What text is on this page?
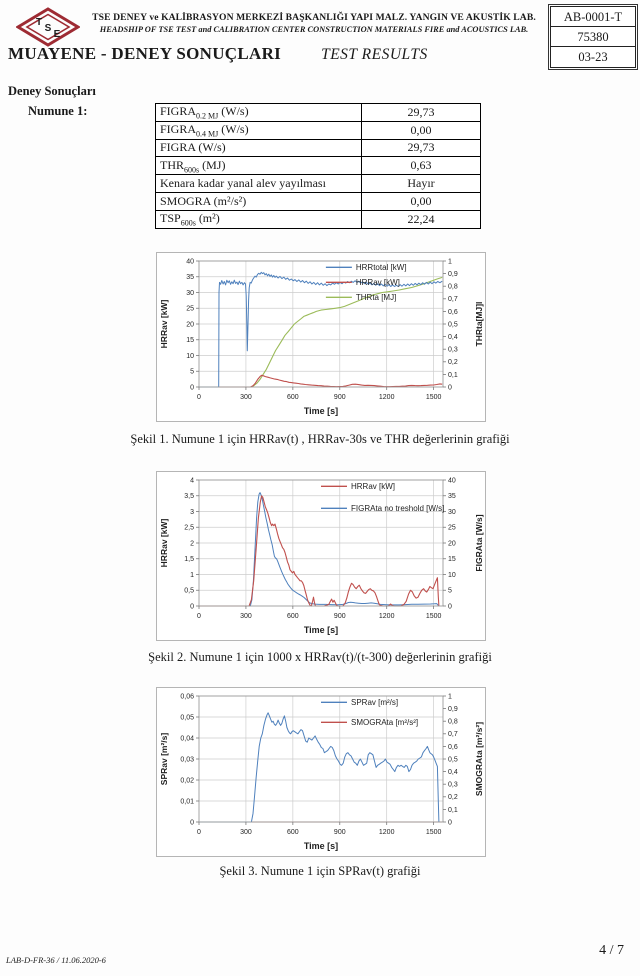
T
S
E
TSE DENEY ve KALİBRASYON MERKEZİ BAŞKANLIĞI YAPI MALZ. YANGIN VE AKUSTİK LAB.
HEADSHIP OF TSE TEST and CALIBRATION CENTER CONSTRUCTION MATERIALS FIRE and ACOUSTICS LAB.
AB-0001-T
75380
03-23
MUAYENE - DENEY SONUÇLARI	TEST RESULTS
Deney Sonuçları
Numune 1:	$FIGRA_{0.2 MJ}$ (W/s)	29,73
$FIGRA_{0.4 MJ}$ (W/s)	0,00
FIGRA (W/s)	29,73
$THR_{600s}$ (MJ)	0,63
Kenara kadar yanal alev yayılması	Hayır
SMOGRA (m²/s²)	0,00
$TSP_{600s}$ (m²)	22,24
0
5
10
15
20
25
30
35
40
0
0,1
0,2
0,3
0,4
0,5
0,6
0,7
0,8
0,9
1
0	300	600	900	1200	1500
HRRav [kW]	THRta[MJ]l
Time [s]
HRRtotal [kW]
HRRav [kW]
THRta [MJ]
Şekil 1. Numune 1 için HRRav(t) , HRRav-30s ve THR değerlerinin grafiği
0
0,5
1
1,5
2
2,5
3
3,5
4
0
5
10
15
20
25
30
35
40
0	300	600	900	1200	1500
HRRav [kW]	FIGRAta [W/s]
Time [s]
HRRav [kW]
FIGRAta no treshold [W/s]
Şekil 2. Numune 1 için 1000 x HRRav(t)/(t-300) değerlerinin grafiği
0
0,01
0,02
0,03
0,04
0,05
0,06
0
0,1
0,2
0,3
0,4
0,5
0,6
0,7
0,8
0,9
1
0	300	600	900	1200	1500
SPRav [m²/s]	SMOGRAta [m²/s²]
Time [s]
SPRav [m²/s]
SMOGRAta [m²/s²]
Şekil 3. Numune 1 için SPRav(t) grafiği
LAB-D-FR-36 / 11.06.2020-6
4 / 7
